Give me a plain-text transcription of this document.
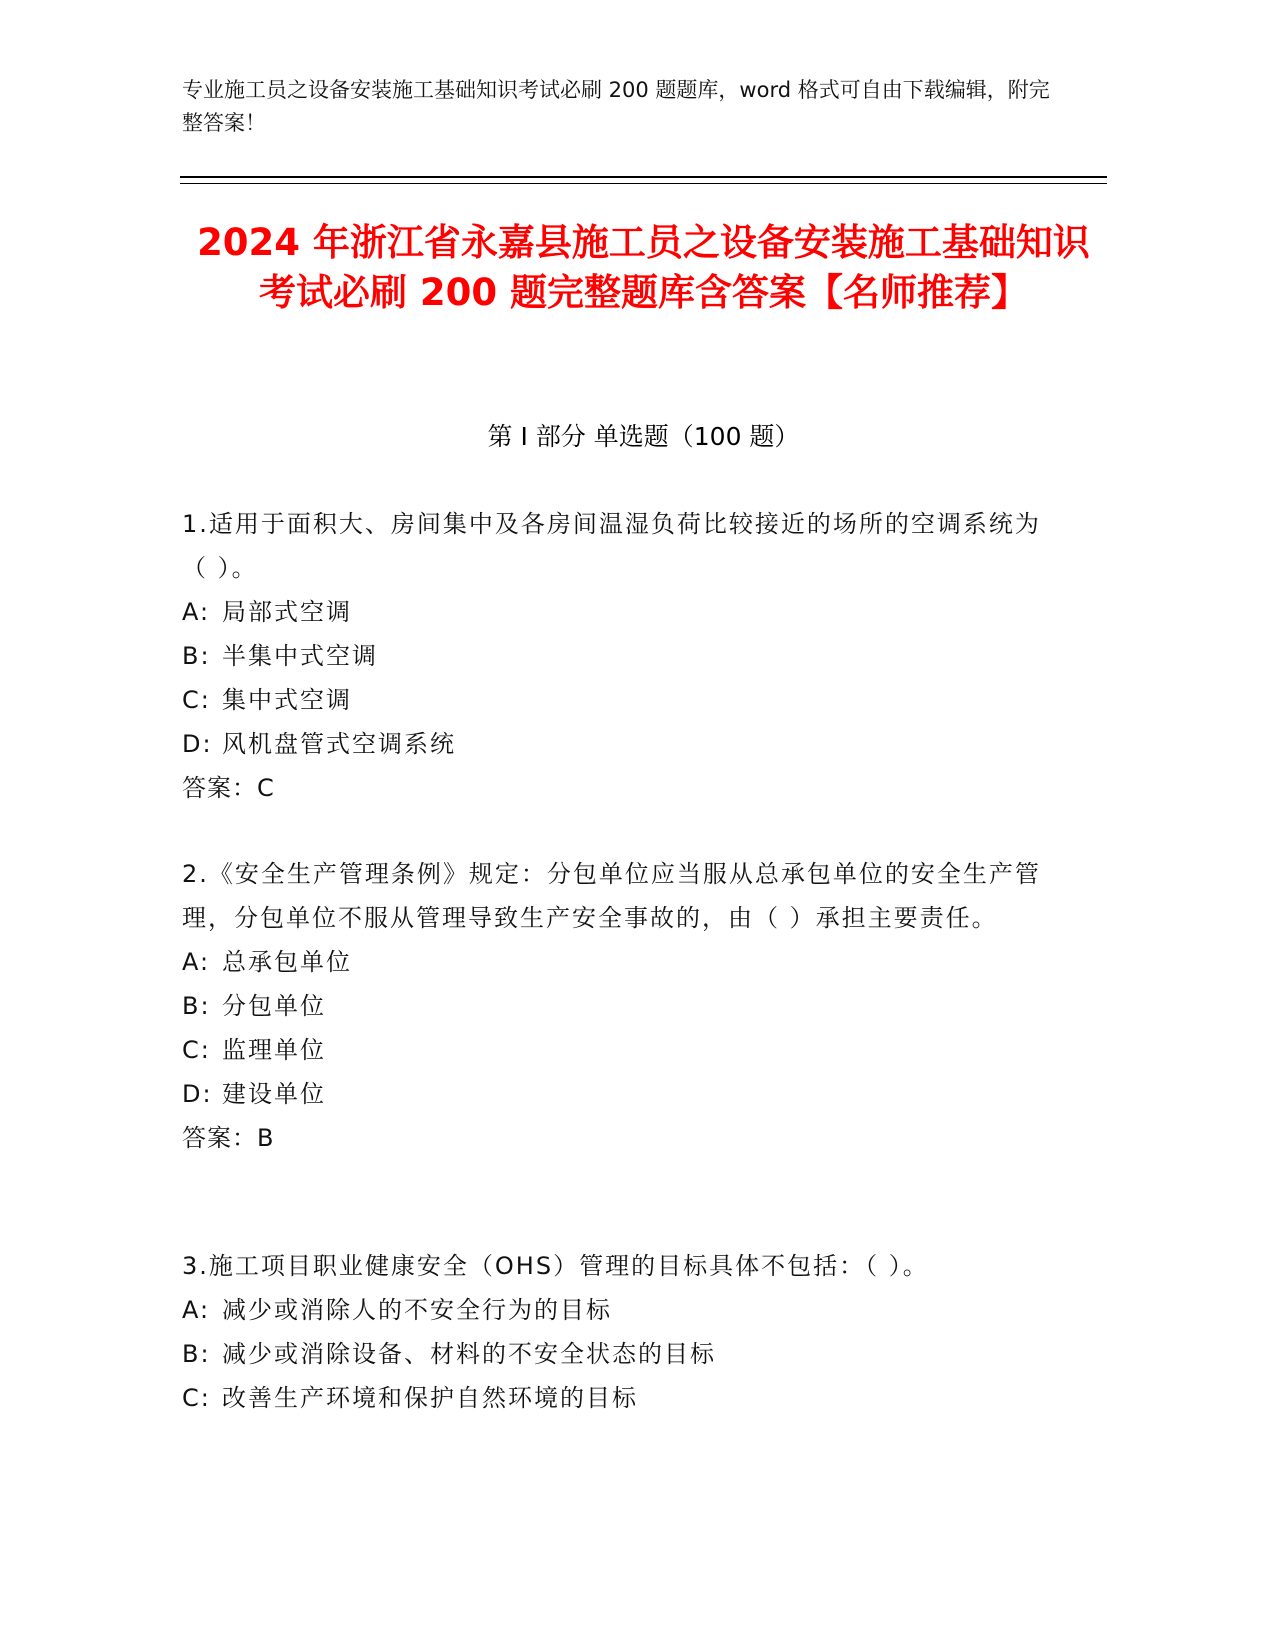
专业施工员之设备安装施工基础知识考试必刷 200 题题库，word 格式可自由下载编辑，附完整答案！
2024 年浙江省永嘉县施工员之设备安装施工基础知识考试必刷 200 题完整题库含答案【名师推荐】
第 I 部分 单选题（100 题）

1.适用于面积大、房间集中及各房间温湿负荷比较接近的场所的空调系统为（ ）。

A: 局部式空调

B: 半集中式空调

C: 集中式空调

D: 风机盘管式空调系统

答案：C

2.《安全生产管理条例》规定：分包单位应当服从总承包单位的安全生产管理，分包单位不服从管理导致生产安全事故的，由（ ）承担主要责任。

A: 总承包单位

B: 分包单位

C: 监理单位

D: 建设单位

答案：B

3.施工项目职业健康安全（OHS）管理的目标具体不包括：（ ）。

A: 减少或消除人的不安全行为的目标

B: 减少或消除设备、材料的不安全状态的目标

C: 改善生产环境和保护自然环境的目标
